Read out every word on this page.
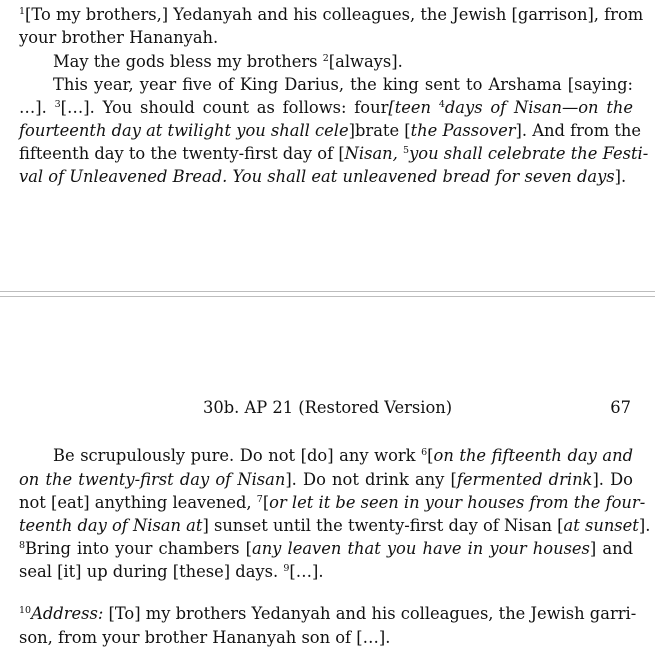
$^1$[To my brothers,] Yedanyah and his colleagues, the Jewish [garrison], from
your brother Hananyah.
May the gods bless my brothers $^2$[always].
This year, year five of King Darius, the king sent to Arshama [saying:
…]. $^3$[…]. You should count as follows: four[teen $^4$days of Nisan—on the
fourteenth day at twilight you shall cele]brate [the Passover]. And from the
fifteenth day to the twenty-first day of [Nisan, $^5$you shall celebrate the Festi-
val of Unleavened Bread. You shall eat unleavened bread for seven days].
30b. AP 21 (Restored Version)	67
Be scrupulously pure. Do not [do] any work $^6$[on the fifteenth day and
on the twenty-first day of Nisan]. Do not drink any [fermented drink]. Do
not [eat] anything leavened, $^7$[or let it be seen in your houses from the four-
teenth day of Nisan at] sunset until the twenty-first day of Nisan [at sunset].
$^8$Bring into your chambers [any leaven that you have in your houses] and
seal [it] up during [these] days. $^9$[…].
$^{10}$Address: [To] my brothers Yedanyah and his colleagues, the Jewish garri-
son, from your brother Hananyah son of […].
